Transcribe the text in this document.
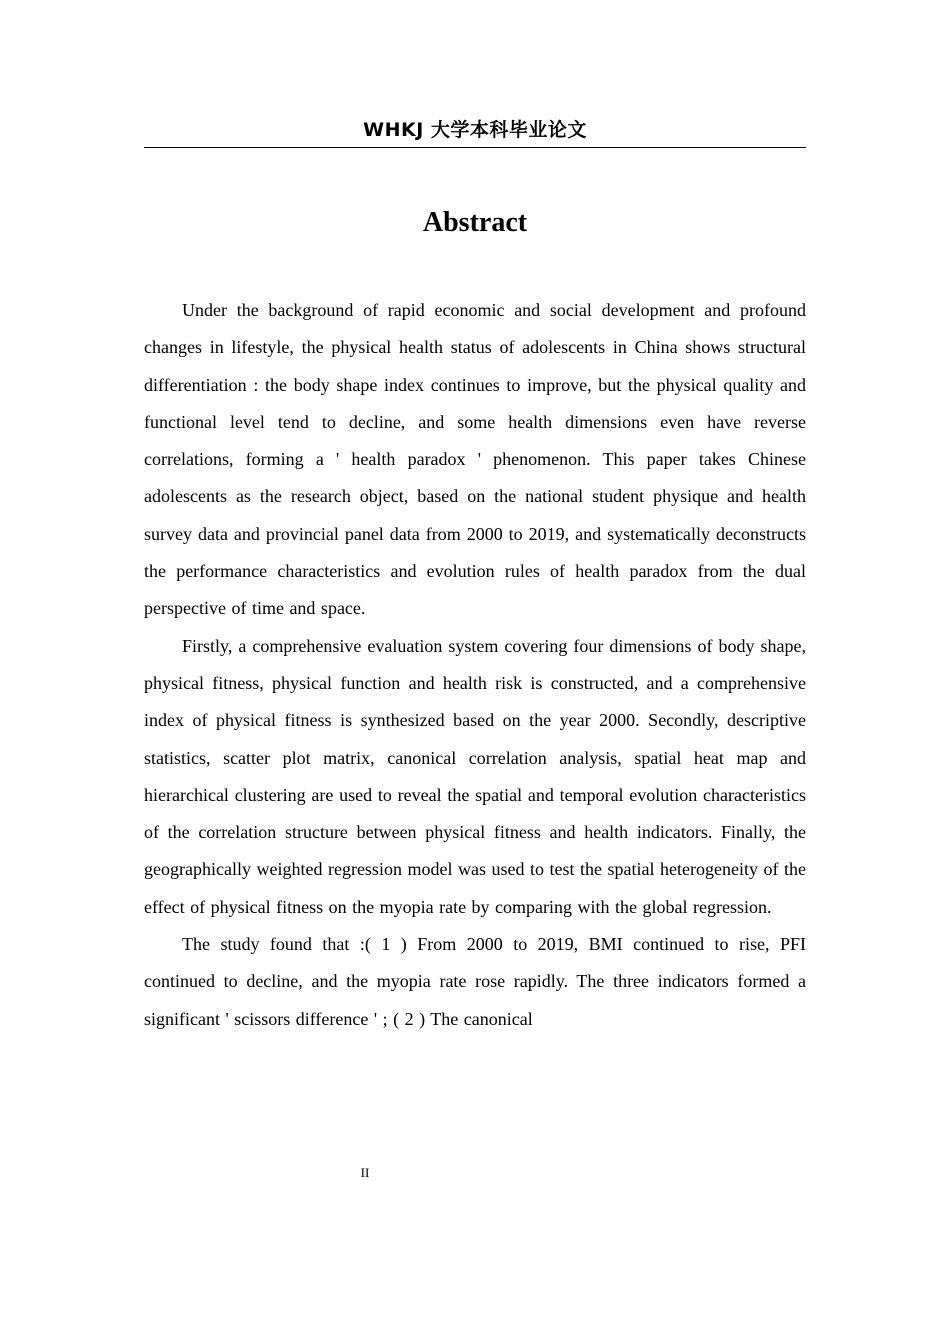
WHKJ 大学本科毕业论文
Abstract

Under the background of rapid economic and social development and profound changes in lifestyle, the physical health status of adolescents in China shows structural differentiation : the body shape index continues to improve, but the physical quality and functional level tend to decline, and some health dimensions even have reverse correlations, forming a ' health paradox ' phenomenon. This paper takes Chinese adolescents as the research object, based on the national student physique and health survey data and provincial panel data from 2000 to 2019, and systematically deconstructs the performance characteristics and evolution rules of health paradox from the dual perspective of time and space.

Firstly, a comprehensive evaluation system covering four dimensions of body shape, physical fitness, physical function and health risk is constructed, and a comprehensive index of physical fitness is synthesized based on the year 2000. Secondly, descriptive statistics, scatter plot matrix, canonical correlation analysis, spatial heat map and hierarchical clustering are used to reveal the spatial and temporal evolution characteristics of the correlation structure between physical fitness and health indicators. Finally, the geographically weighted regression model was used to test the spatial heterogeneity of the effect of physical fitness on the myopia rate by comparing with the global regression.

The study found that :( 1 ) From 2000 to 2019, BMI continued to rise, PFI continued to decline, and the myopia rate rose rapidly. The three indicators formed a significant ' scissors difference ' ; ( 2 ) The canonical

II
